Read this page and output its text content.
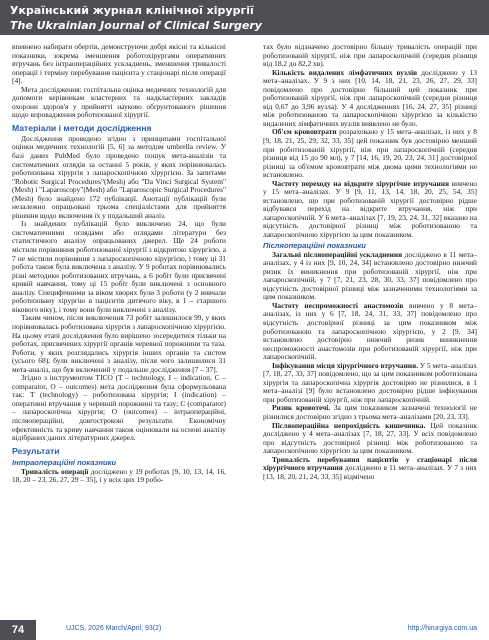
Український журнал клінічної хірургії
The Ukrainian Journal of Clinical Surgery

впевнено набирати обертів, демонструючи добрі якісні та кількісні показники, зокрема зменшення роботохірургами оперативних втручань без інтраопераційних ускладнень, зменшення тривалості операції і терміну перебування пацієнта у стаціонарі після операції [4].

Мета дослідження: госпітальна оцінка медичних технологій для допомоги керівникам кластерних та надкластерних закладів охорони здоров'я у прийнятті науково обґрунтованого рішення щодо впровадження роботизованої хірургії.

Матеріали і методи дослідження

Дослідження проведено згідно з принципами госпітальної оцінки медичних технологій [5, 6] за методом umbrella review. У базі даних PubMed було проведено пошук мета-аналізів та систематичних оглядів за останні 5 років, у яких порівнювалась роботизована хірургія з лапароскопічною хірургією. За запитами "Robotic Surgical Procedures"(Mesh) або "Da Vinci Surgical System"(Mesh) і "Laparoscopy"(Mesh) або "Laparoscopic Surgical Procedures"(Mesh) було знайдено 172 публікації. Анотації публікацій були незалежно опрацьовані трьома спеціалістами для прийняття рішення щодо включення їх у подальший аналіз.

Із знайдених публікацій було виключено 24, що були систематичними оглядами або оглядами літератури без статистичного аналізу опрацьованих джерел. Ще 24 роботи містили порівняння роботизованої хірургії з відкритою хірургією, а 7 не містили порівняння з лапароскопічною хірургією, і тому ці 31 робота також була виключена з аналізу. У 9 роботах порівнювались різні методики роботизованих втручань, а 6 робіт були присвячені кривій навчання, тому ці 15 робіт були виключені з основного аналізу. Специфічними за віком хворих були 3 роботи (у 2 вивчали роботизовану хірургію в пацієнтів дитячого віку, в 1 – старшого вікового віку), і тому вони були виключені з аналізу.

Таким чином, після виключення 73 робіт залишилося 99, у яких порівнювалась роботизована хірургія з лапароскопічною хірургією. На цьому етапі дослідження було вирішено зосередитися тільки на роботах, присвячених хірургії органів черевної порожнини та таза. Роботи, у яких розглядались хірургія інших органів та систем (усього 68), були виключені з аналізу, після чого залишилися 31 мета-аналіз, що був включений у подальше дослідження [7 – 37].

Згідно з інструментом TICO (T – technology, I – indication, C – comparator, O – outcomes) мета дослідження була сформульована так: T (technology) – роботизована хірургія; I (indication) – оперативні втручання у черевній порожнині та тазу; C (comparator) – лапароскопічна хірургія; O (outcomes) – інтраопераційні, післяопераційні, довгострокові результати. Економічну ефективність та криву навчання також оцінювали на основі аналізу відібраних даних літературних джерел.

Результати
Інтраопераційні показники

Тривалість операції досліджено у 19 роботах [9, 10, 13, 14, 16, 18, 20 – 23, 26, 27, 29 – 35], і у всіх цих 19 робо-

тах було відзначено достовірно більшу тривалість операцій при роботизованій хірургії, ніж при лапароскопічній (середня різниця від 18,2 до 82,2 хв).

Кількість видалених лімфатичних вузлів досліджено у 13 мета–аналізах. У 9 з них [10, 14, 18, 21, 23, 26, 27, 29, 33] повідомлено про достовірно більший цей показник при роботизованій хірургії, ніж при лапароскопічній (середня різниця від 0,67 до 3,96 вузла). У 4 дослідженнях [16, 24, 27, 35] різниці між роботизованою та лапароскопічною хірургією за кількістю видалених лімфатичних вузлів виявлено не було.

Об'єм крововтрати розраховано у 15 мета–аналізах, із них у 8 [9, 18, 21, 25, 29, 32, 33, 35] цей показник був достовірно менший при роботизованій хірургії, ніж при лапароскопічній (середня різниця від 15 до 90 мл), у 7 [14, 16, 19, 20, 23, 24, 31] достовірної різниці за об'ємом крововтрати між двома цими технологіями не встановлено.

Частоту переходу на відкрите хірургічне втручання вивчено у 15 мета–аналізах. У 9 [9, 11, 13, 14, 18, 20, 25, 54, 35] встановлено, що при роботизованій хірургії достовірно рідше відбувався перехід на відкрите втручання, ніж при лапароскопічній. У 6 мета–аналізах [7, 19, 23, 24, 31, 32] вказано на відсутність достовірної різниці між роботизованою та лапароскопічною хірургією за цим показником.

Післяопераційні показники

Загальні післяопераційні ускладнення досліджено в 11 мета–аналізах, у 4 із них [9, 10, 24, 34] встановлено достовірно нижчий ризик їх виникнення при роботизованій хірургії, ніж при лапароскопічній, у 7 [7, 21, 23, 28, 30, 33, 37] повідомлено про відсутність достовірної різниці між зазначеними технологіями за цим показником.

Частоту неспроможності анастомозів вивчено у 8 мета–аналізах, із них у 6 [7, 18, 24, 31, 33, 37] повідомлено про відсутність достовірної різниці за цим показником між роботизованою та лапароскопічною хірургією, у 2 [9, 34] встановлено достовірно нижчий ризик виникнення неспроможності анастомозів при роботизованій хірургії, ніж при лапароскопічній.

Інфікування місця хірургічного втручання. У 5 мета–аналізах [7, 18, 27, 33, 37] повідомлено, що за цим показником роботизована хірургія та лапароскопічна хірургія достовірно не різнилися, в 1 мета–аналізі [9] було встановлено достовірно рідше інфікування при роботизованій хірургії, ніж при лапароскопічній.

Ризик кровотечі. За цим показником зазначені технології не різнилися достовірно згідно з трьома мета–аналізами [20, 23, 33].

Післяопераційна непрохідність кишечника. Цей показник досліджено у 4 мета–аналізах [7, 18, 27, 33]. У всіх повідомлено про відсутність достовірної різниці між роботизованою та лапароскопічною хірургією за цим показником.

Тривалість перебування пацієнтів у стаціонарі після хірургічного втручання досліджено в 11 мета–аналізах. У 7 з них [13, 18, 20, 21, 24, 33, 35] відмічено

74	UJCS, 2026 March/April; 93(2)	http://hirurgiya.com.ua
